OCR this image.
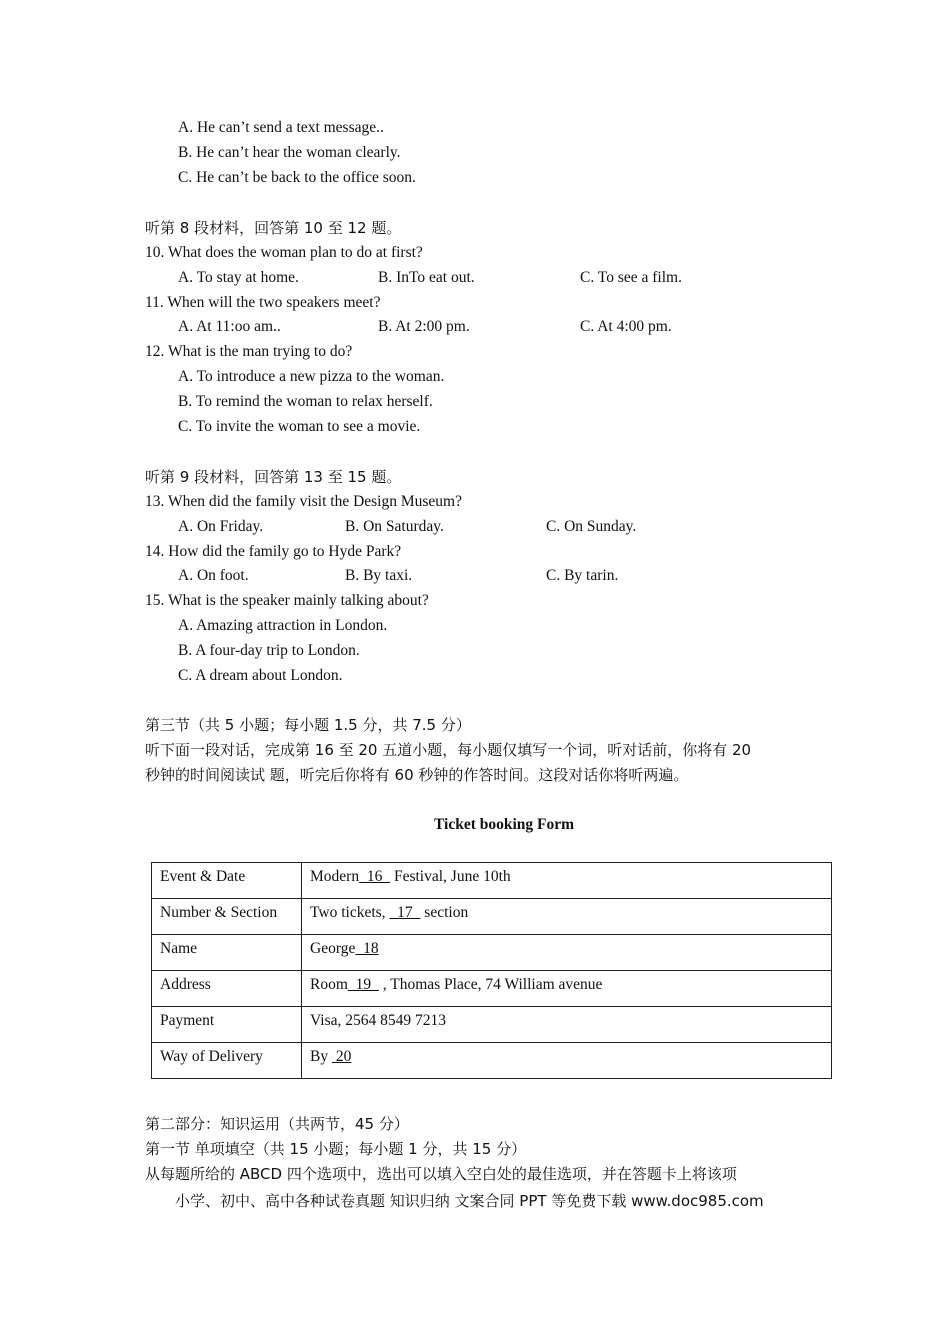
A. He can’t send a text message..
B. He can’t hear the woman clearly.
C. He can’t be back to the office soon.
听第 8 段材料，回答第 10 至 12 题。
10. What does the woman plan to do at first?
A. To stay at home.	B. InTo eat out.	C. To see a film.
11. When will the two speakers meet?
A. At 11:oo am..	B. At 2:00 pm.	C. At 4:00 pm.
12. What is the man trying to do?
A. To introduce a new pizza to the woman.
B. To remind the woman to relax herself.
C. To invite the woman to see a movie.
听第 9 段材料，回答第 13 至 15 题。
13. When did the family visit the Design Museum?
A. On Friday.	B. On Saturday.	C. On Sunday.
14. How did the family go to Hyde Park?
A. On foot.	B. By taxi.	C. By tarin.
15. What is the speaker mainly talking about?
A. Amazing attraction in London.
B. A four-day trip to London.
C. A dream about London.
第三节（共 5 小题；每小题 1.5 分，共 7.5 分）
听下面一段对话，完成第 16 至 20 五道小题，每小题仅填写一个词，听对话前，你将有 20
秒钟的时间阅读试 题，听完后你将有 60 秒钟的作答时间。这段对话你将听两遍。
Ticket booking Form
Event & Date	Modern  16   Festival, June 10th
Number & Section	Two tickets,   17   section
Name	George  18
Address	Room  19   , Thomas Place, 74 William avenue
Payment	Visa, 2564 8549 7213
Way of Delivery	By  20
第二部分：知识运用（共两节，45 分）
第一节 单项填空（共 15 小题；每小题 1 分，共 15 分）
从每题所给的 ABCD 四个选项中，选出可以填入空白处的最佳选项，并在答题卡上将该项
小学、初中、高中各种试卷真题 知识归纳 文案合同 PPT 等免费下载 www.doc985.com
